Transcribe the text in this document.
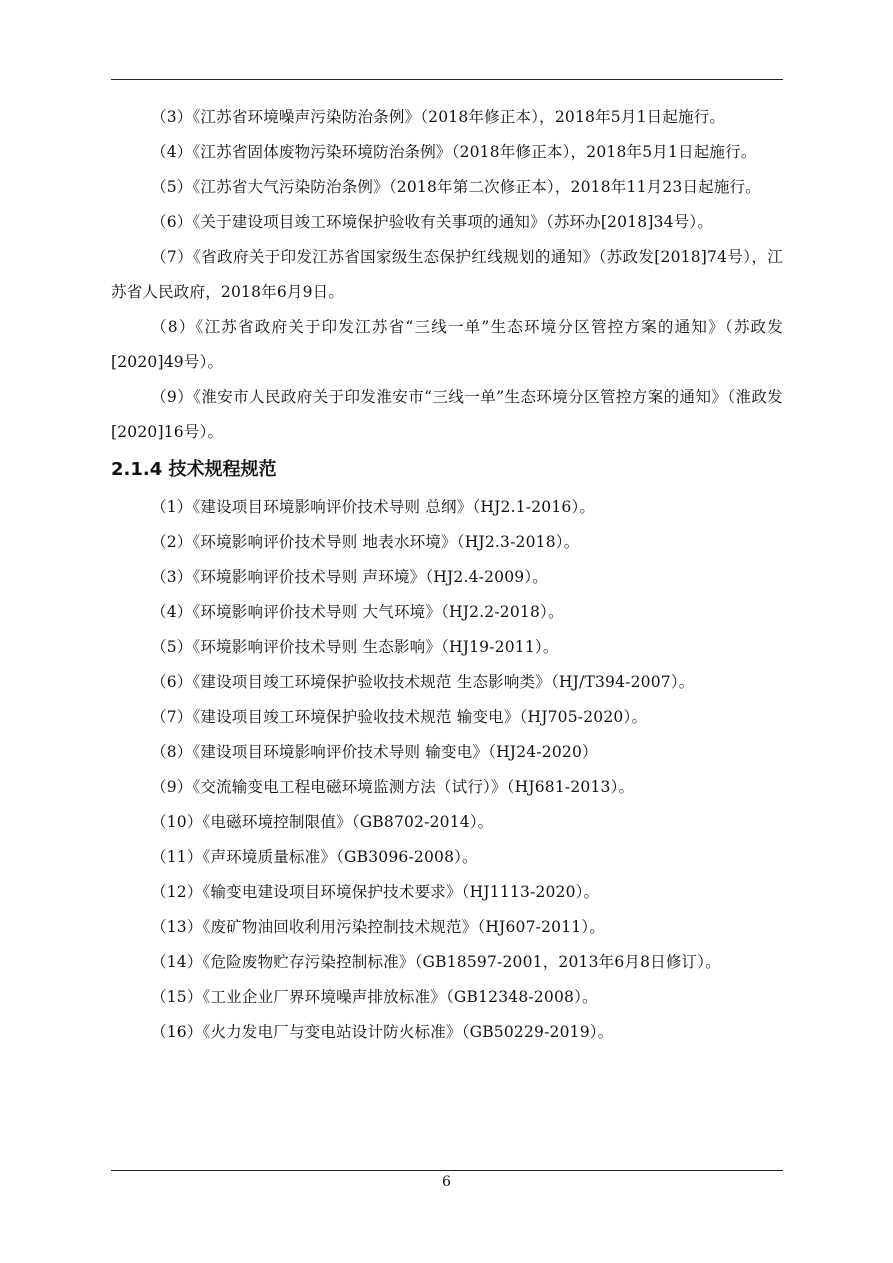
（3）《江苏省环境噪声污染防治条例》（2018年修正本），2018年5月1日起施行。

（4）《江苏省固体废物污染环境防治条例》（2018年修正本），2018年5月1日起施行。

（5）《江苏省大气污染防治条例》（2018年第二次修正本），2018年11月23日起施行。

（6）《关于建设项目竣工环境保护验收有关事项的通知》（苏环办[2018]34号）。

（7）《省政府关于印发江苏省国家级生态保护红线规划的通知》（苏政发[2018]74号），江苏省人民政府，2018年6月9日。

（8）《江苏省政府关于印发江苏省“三线一单”生态环境分区管控方案的通知》（苏政发[2020]49号）。

（9）《淮安市人民政府关于印发淮安市“三线一单”生态环境分区管控方案的通知》（淮政发[2020]16号）。

2.1.4 技术规程规范

（1）《建设项目环境影响评价技术导则 总纲》（HJ2.1-2016）。

（2）《环境影响评价技术导则 地表水环境》（HJ2.3-2018）。

（3）《环境影响评价技术导则 声环境》（HJ2.4-2009）。

（4）《环境影响评价技术导则 大气环境》（HJ2.2-2018）。

（5）《环境影响评价技术导则 生态影响》（HJ19-2011）。

（6）《建设项目竣工环境保护验收技术规范 生态影响类》（HJ/T394-2007）。

（7）《建设项目竣工环境保护验收技术规范 输变电》（HJ705-2020）。

（8）《建设项目环境影响评价技术导则 输变电》（HJ24-2020）

（9）《交流输变电工程电磁环境监测方法（试行）》（HJ681-2013）。

（10）《电磁环境控制限值》（GB8702-2014）。

（11）《声环境质量标准》（GB3096-2008）。

（12）《输变电建设项目环境保护技术要求》（HJ1113-2020）。

（13）《废矿物油回收利用污染控制技术规范》（HJ607-2011）。

（14）《危险废物贮存污染控制标准》（GB18597-2001，2013年6月8日修订）。

（15）《工业企业厂界环境噪声排放标准》（GB12348-2008）。

（16）《火力发电厂与变电站设计防火标准》（GB50229-2019）。

6
